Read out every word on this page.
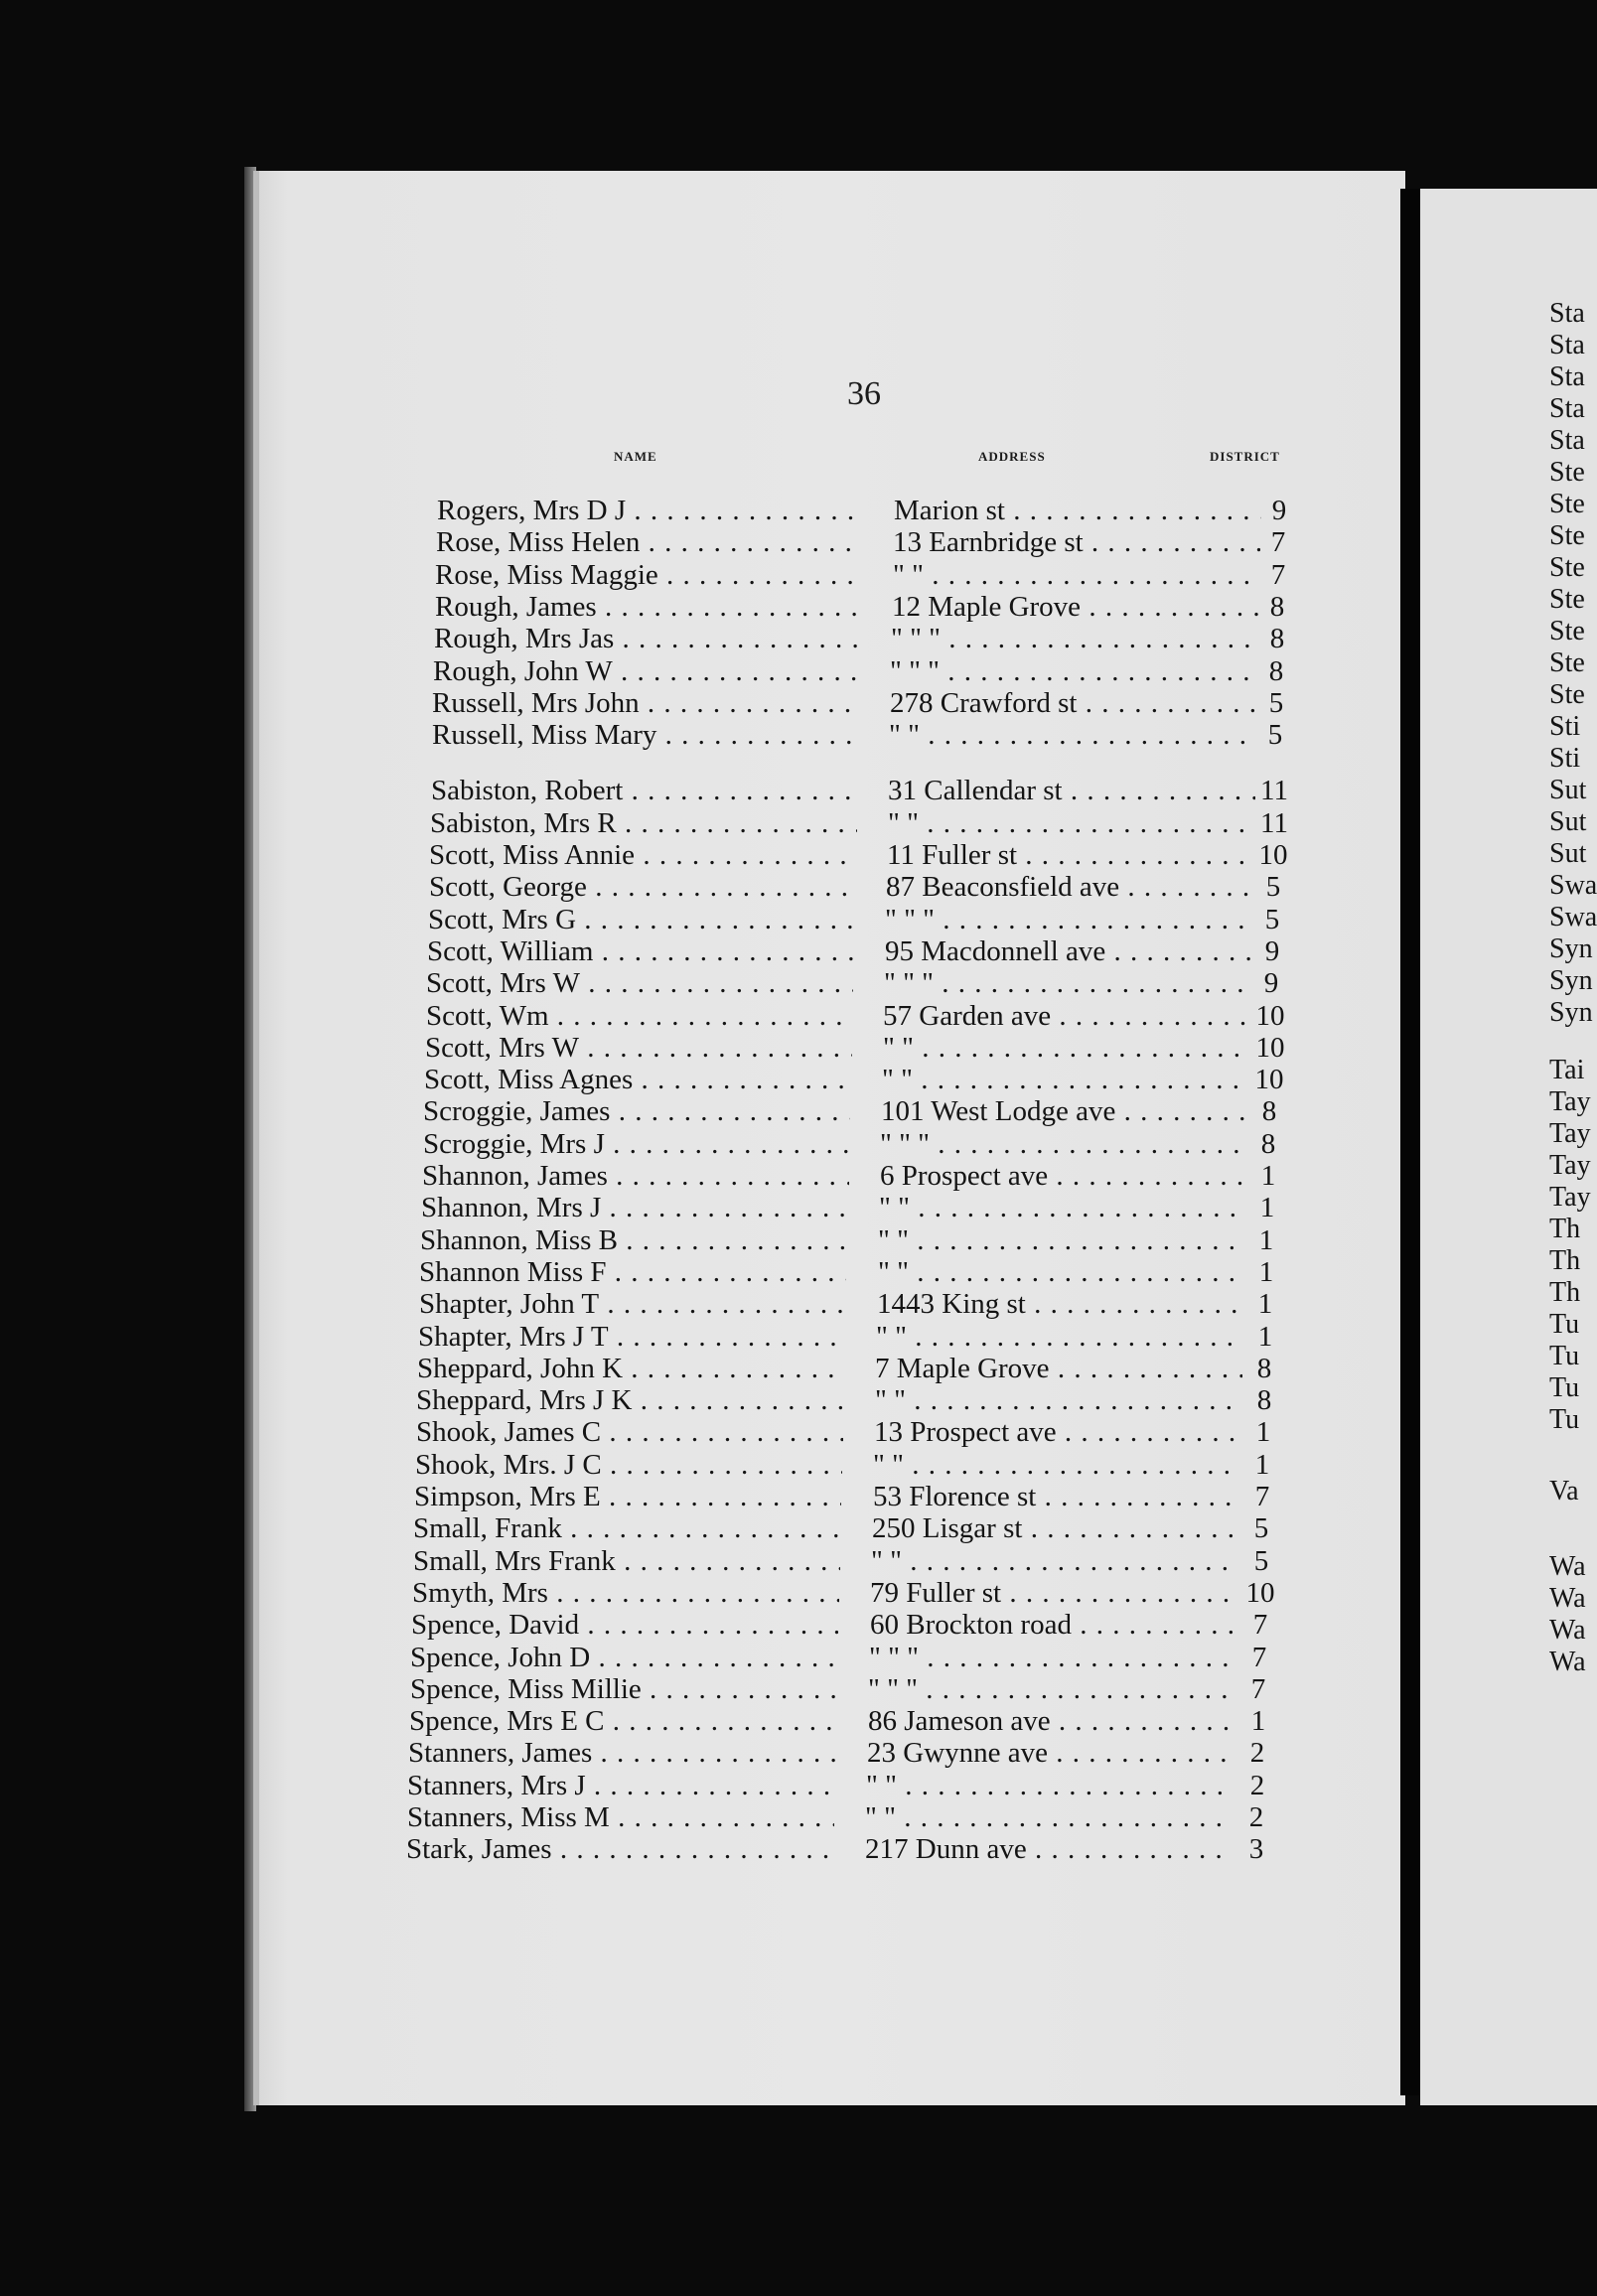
36
NAME	ADDRESS	DISTRICT
Rogers, Mrs D J . . .	Marion st . . .	9
Rose, Miss Helen . . .	13 Earnbridge st . . .	7
Rose, Miss Maggie . . .	" " . . .	7
Rough, James . . .	12 Maple Grove . . .	8
Rough, Mrs Jas . . .	" " " . . .	8
Rough, John W . . .	" " " . . .	8
Russell, Mrs John . . .	278 Crawford st . . .	5
Russell, Miss Mary . . .	" " . . .	5
Sabiston, Robert . . .	31 Callendar st . . .	11
Sabiston, Mrs R . . .	" " . . .	11
Scott, Miss Annie . . .	11 Fuller st . . .	10
Scott, George . . .	87 Beaconsfield ave . . .	5
Scott, Mrs G . . .	" " " . . .	5
Scott, William . . .	95 Macdonnell ave . . .	9
Scott, Mrs W . . .	" " " . . .	9
Scott, Wm . . .	57 Garden ave . . .	10
Scott, Mrs W . . .	" " . . .	10
Scott, Miss Agnes . . .	" " . . .	10
Scroggie, James . . .	101 West Lodge ave . . .	8
Scroggie, Mrs J . . .	" " " . . .	8
Shannon, James . . .	6 Prospect ave . . .	1
Shannon, Mrs J . . .	" " . . .	1
Shannon, Miss B . . .	" " . . .	1
Shannon Miss F . . .	" " . . .	1
Shapter, John T . . .	1443 King st . . .	1
Shapter, Mrs J T . . .	" " . . .	1
Sheppard, John K . . .	7 Maple Grove . . .	8
Sheppard, Mrs J K . . .	" " . . .	8
Shook, James C . . .	13 Prospect ave . . .	1
Shook, Mrs. J C . . .	" " . . .	1
Simpson, Mrs E . . .	53 Florence st . . .	7
Small, Frank . . .	250 Lisgar st . . .	5
Small, Mrs Frank . . .	" " . . .	5
Smyth, Mrs . . .	79 Fuller st . . .	10
Spence, David . . .	60 Brockton road . . .	7
Spence, John D . . .	" " " . . .	7
Spence, Miss Millie . . .	" " " . . .	7
Spence, Mrs E C . . .	86 Jameson ave . . .	1
Stanners, James . . .	23 Gwynne ave . . .	2
Stanners, Mrs J . . .	" " . . .	2
Stanners, Miss M . . .	" " . . .	2
Stark, James . . .	217 Dunn ave . . .	3
Sta
Sta
Sta
Sta
Sta
Ste
Ste
Ste
Ste
Ste
Ste
Ste
Ste
Sti
Sti
Sut
Sut
Sut
Swa
Swa
Syn
Syn
Syn
Tai
Tay
Tay
Tay
Tay
Th
Th
Th
Tu
Tu
Tu
Tu
Va
Wa
Wa
Wa
Wa
